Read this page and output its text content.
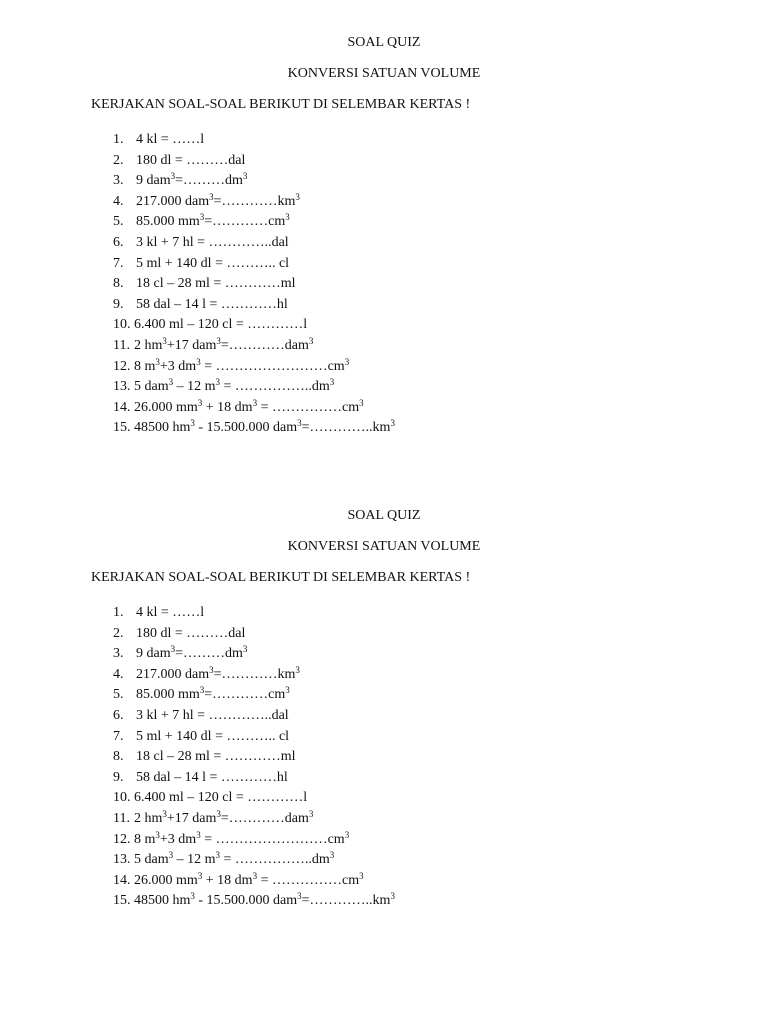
SOAL QUIZ
KONVERSI SATUAN VOLUME
KERJAKAN SOAL-SOAL BERIKUT DI SELEMBAR KERTAS !
1. 4 kl = ……l
2. 180 dl = ………dal
3. 9 $dam^3=\dots\dots\dots dm^3$
4. 217.000 $dam^3=\dots\dots\dots\dots km^3$
5. 85.000 $mm^3=\dots\dots\dots\dots cm^3$
6. 3 kl + 7 hl = …………..dal
7. 5 ml + 140 dl = ……….. cl
8. 18 cl – 28 ml = …………ml
9. 58 dal – 14 l = …………hl
10. 6.400 ml – 120 cl = …………l
11. 2 $hm^3+17$ dam$^3$=…………dam$^3$
12. 8 $m^3+3$ $dm^3$ = $\dots\dots\dots\dots\dots\dots\dots\dots cm^3$
13. 5 dam$^3$ – 12 $m^3$ = $\dots\dots\dots\dots\dots..dm^3$
14. 26.000 $mm^3 + 18$ $dm^3$ = $\dots\dots\dots\dots\dots cm^3$
15. 48500 $hm^3 - 15.500.000$ $dam^3=\dots\dots\dots\dots..km^3$
SOAL QUIZ
KONVERSI SATUAN VOLUME
KERJAKAN SOAL-SOAL BERIKUT DI SELEMBAR KERTAS !
1. 4 kl = ……l
2. 180 dl = ………dal
3. 9 $dam^3=\dots\dots\dots dm^3$
4. 217.000 $dam^3=\dots\dots\dots\dots km^3$
5. 85.000 $mm^3=\dots\dots\dots\dots cm^3$
6. 3 kl + 7 hl = …………..dal
7. 5 ml + 140 dl = ……….. cl
8. 18 cl – 28 ml = …………ml
9. 58 dal – 14 l = …………hl
10. 6.400 ml – 120 cl = …………l
11. 2 $hm^3+17$ dam$^3$=…………dam$^3$
12. 8 $m^3+3$ $dm^3$ = $\dots\dots\dots\dots\dots\dots\dots\dots cm^3$
13. 5 dam$^3$ – 12 $m^3$ = $\dots\dots\dots\dots\dots..dm^3$
14. 26.000 $mm^3 + 18$ $dm^3$ = $\dots\dots\dots\dots\dots cm^3$
15. 48500 $hm^3 - 15.500.000$ $dam^3=\dots\dots\dots\dots..km^3$
